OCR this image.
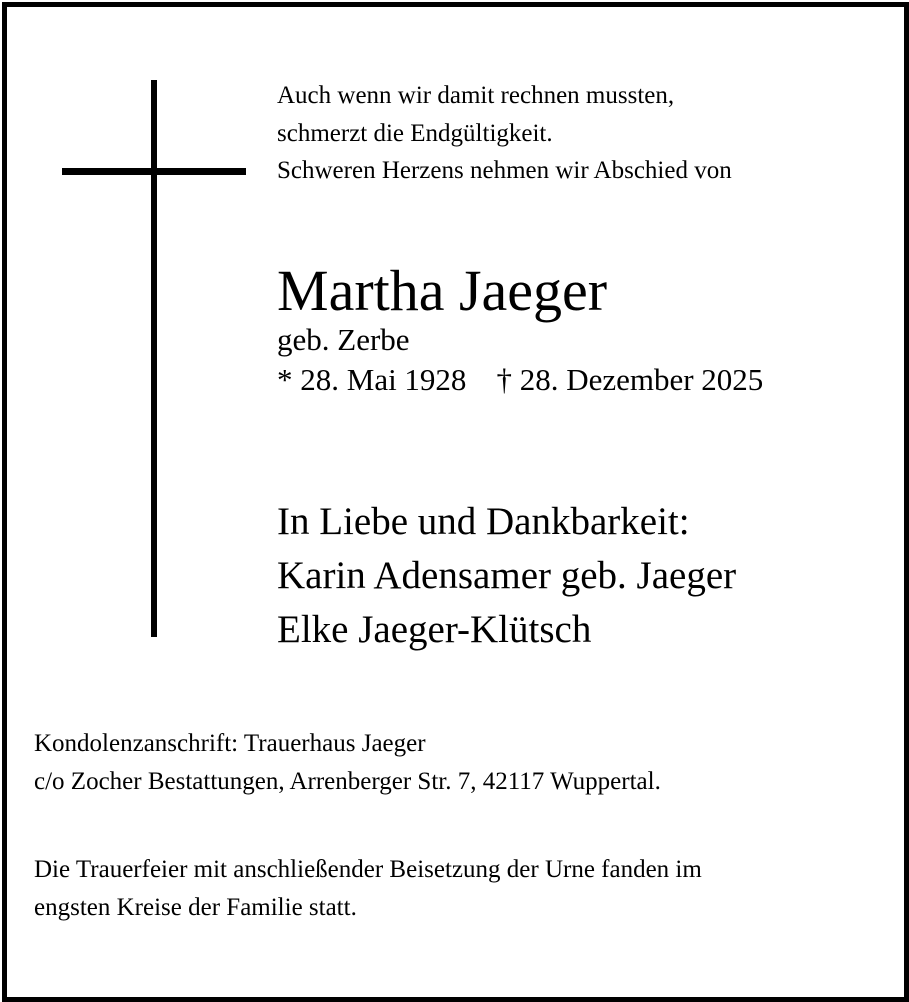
Auch wenn wir damit rechnen mussten,
schmerzt die Endgültigkeit.
Schweren Herzens nehmen wir Abschied von
Martha Jaeger
geb. Zerbe
* 28. Mai 1928 † 28. Dezember 2025
In Liebe und Dankbarkeit:
Karin Adensamer geb. Jaeger
Elke Jaeger-Klütsch
Kondolenzanschrift: Trauerhaus Jaeger
c/o Zocher Bestattungen, Arrenberger Str. 7, 42117 Wuppertal.
Die Trauerfeier mit anschließender Beisetzung der Urne fanden im
engsten Kreise der Familie statt.
